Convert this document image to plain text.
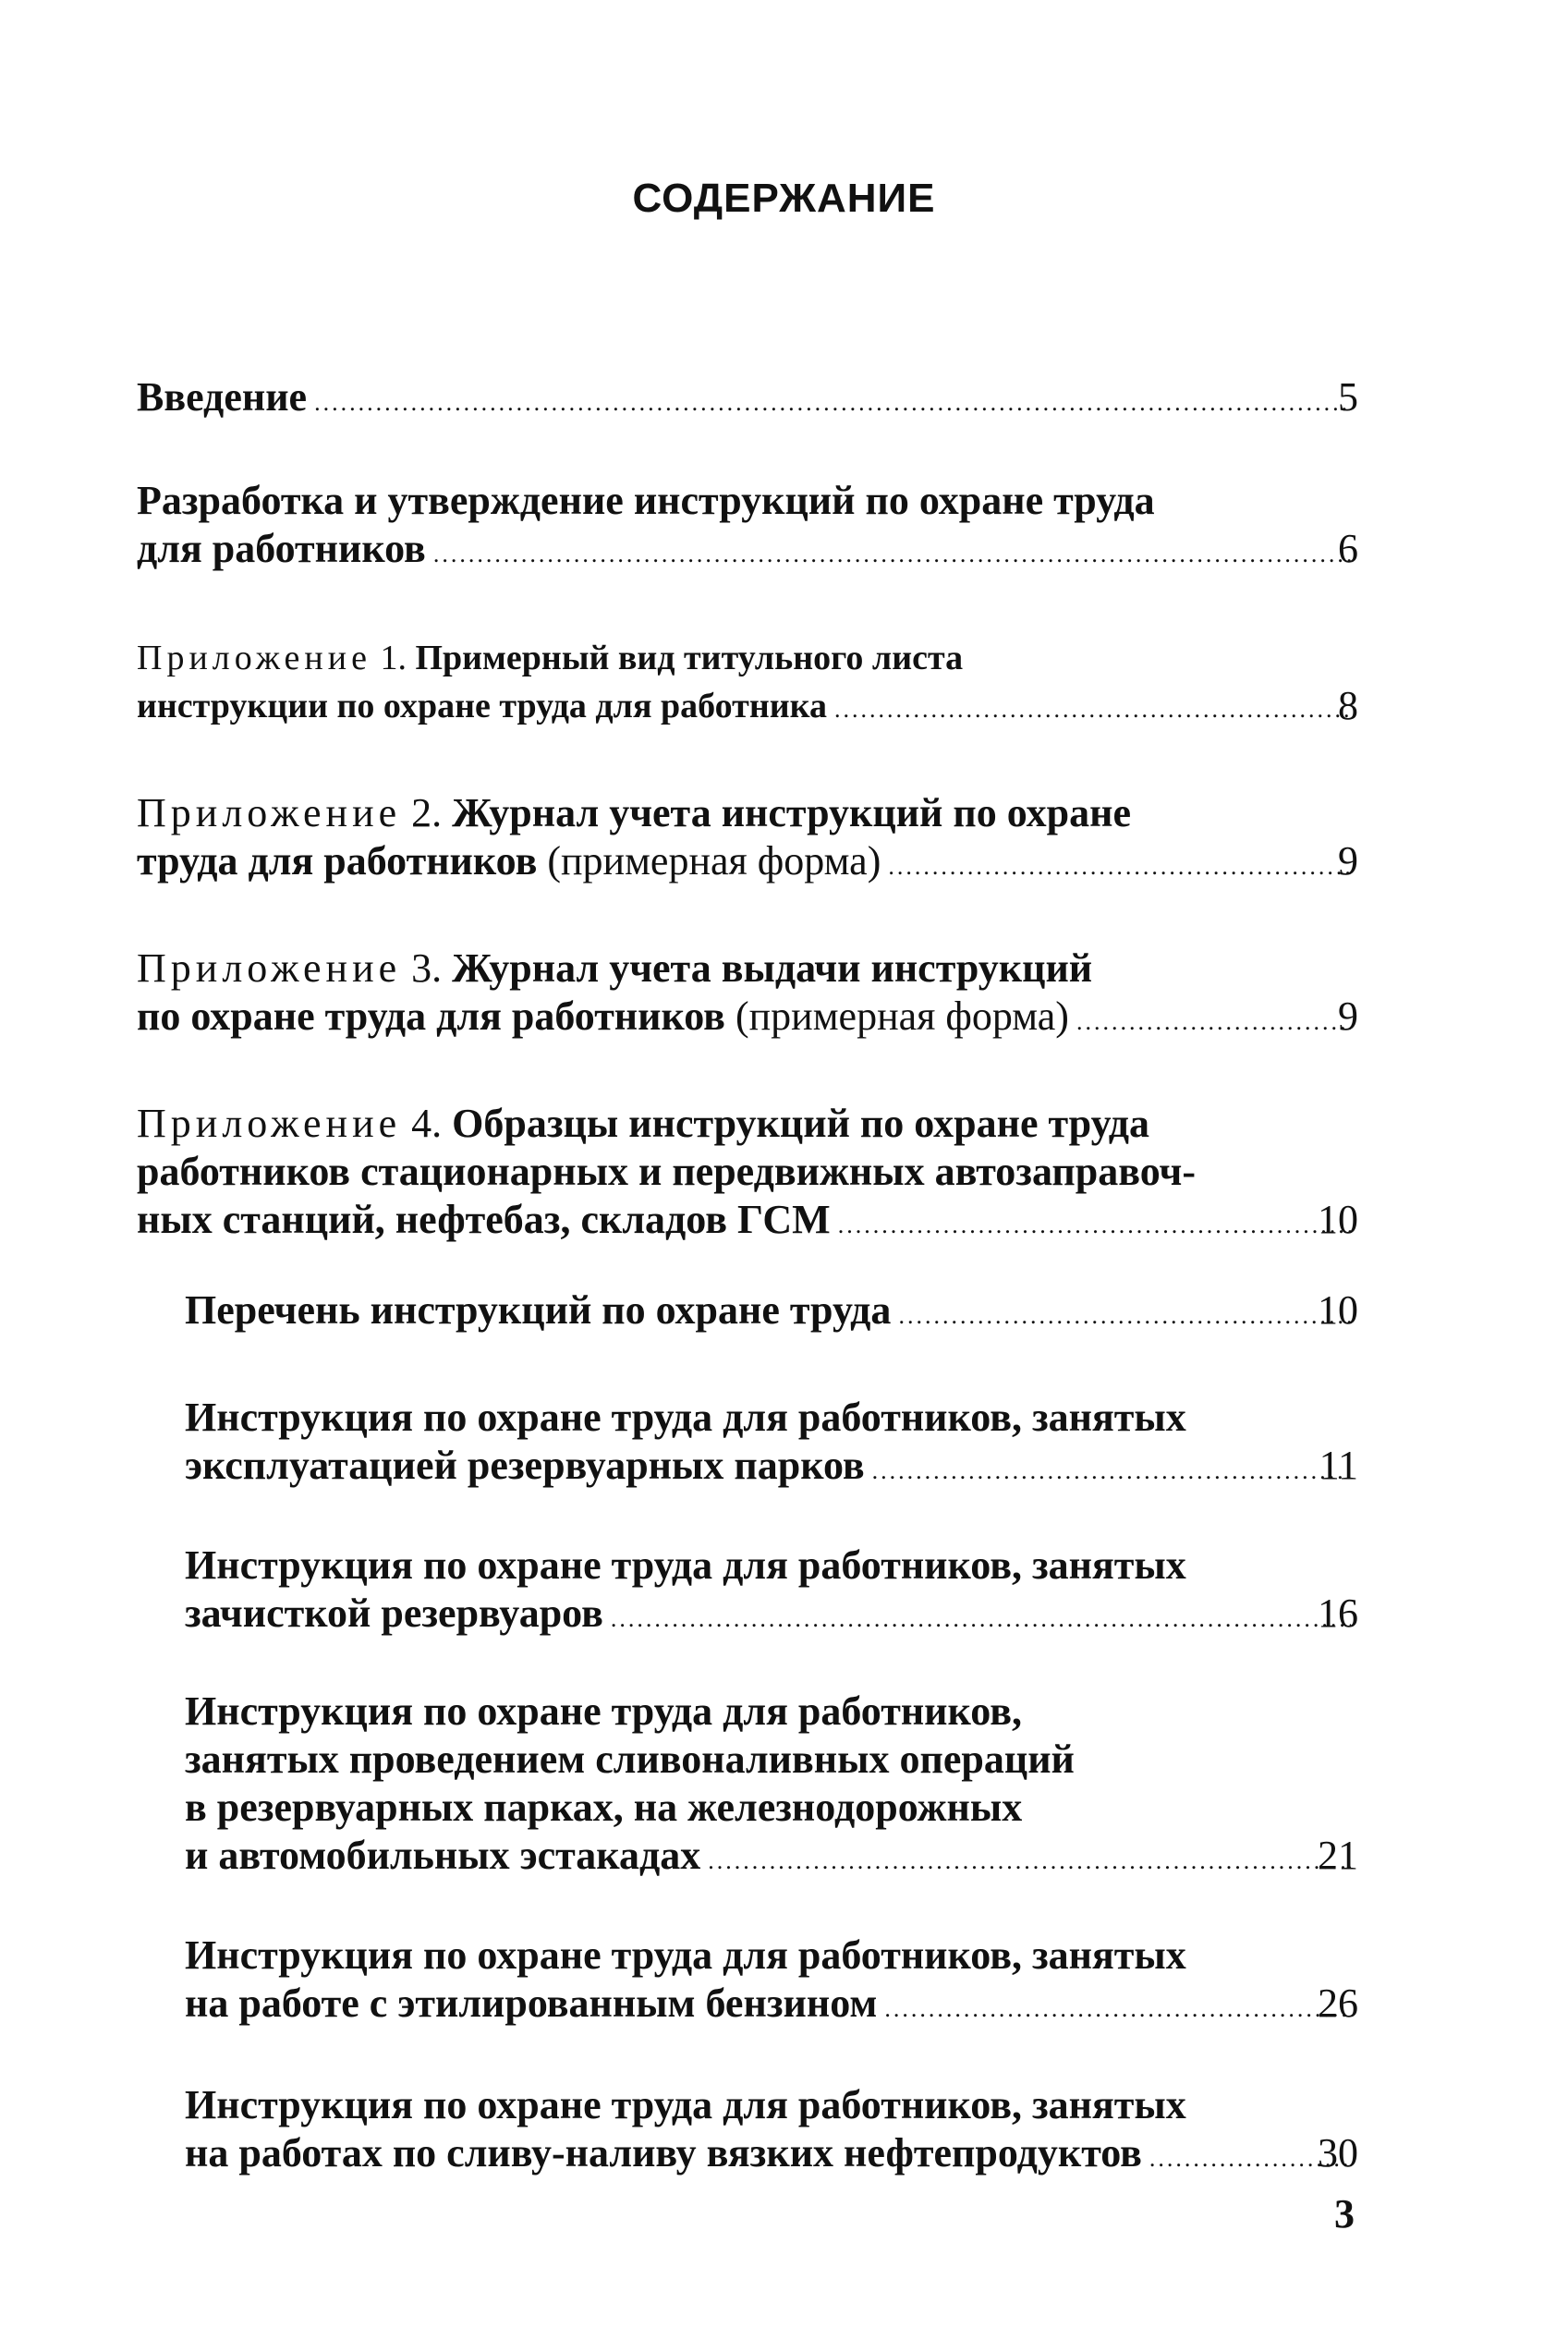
СОДЕРЖАНИЕ
Введение .....	5
Разработка и утверждение инструкций по охране труда
для работников .....	6
Приложение 1. Примерный вид титульного листа
инструкции по охране труда для работника .....	8
Приложение 2. Журнал учета инструкций по охране
труда для работников (примерная форма) .....	9
Приложение 3. Журнал учета выдачи инструкций
по охране труда для работников (примерная форма) .....	9
Приложение 4. Образцы инструкций по охране труда
работников стационарных и передвижных автозаправоч-
ных станций, нефтебаз, складов ГСМ .....	10
Перечень инструкций по охране труда .....	10
Инструкция по охране труда для работников, занятых
эксплуатацией резервуарных парков .....	11
Инструкция по охране труда для работников, занятых
зачисткой резервуаров .....	16
Инструкция по охране труда для работников,
занятых проведением сливоналивных операций
в резервуарных парках, на железнодорожных
и автомобильных эстакадах .....	21
Инструкция по охране труда для работников, занятых
на работе с этилированным бензином .....	26
Инструкция по охране труда для работников, занятых
на работах по сливу-наливу вязких нефтепродуктов .....	30
3
